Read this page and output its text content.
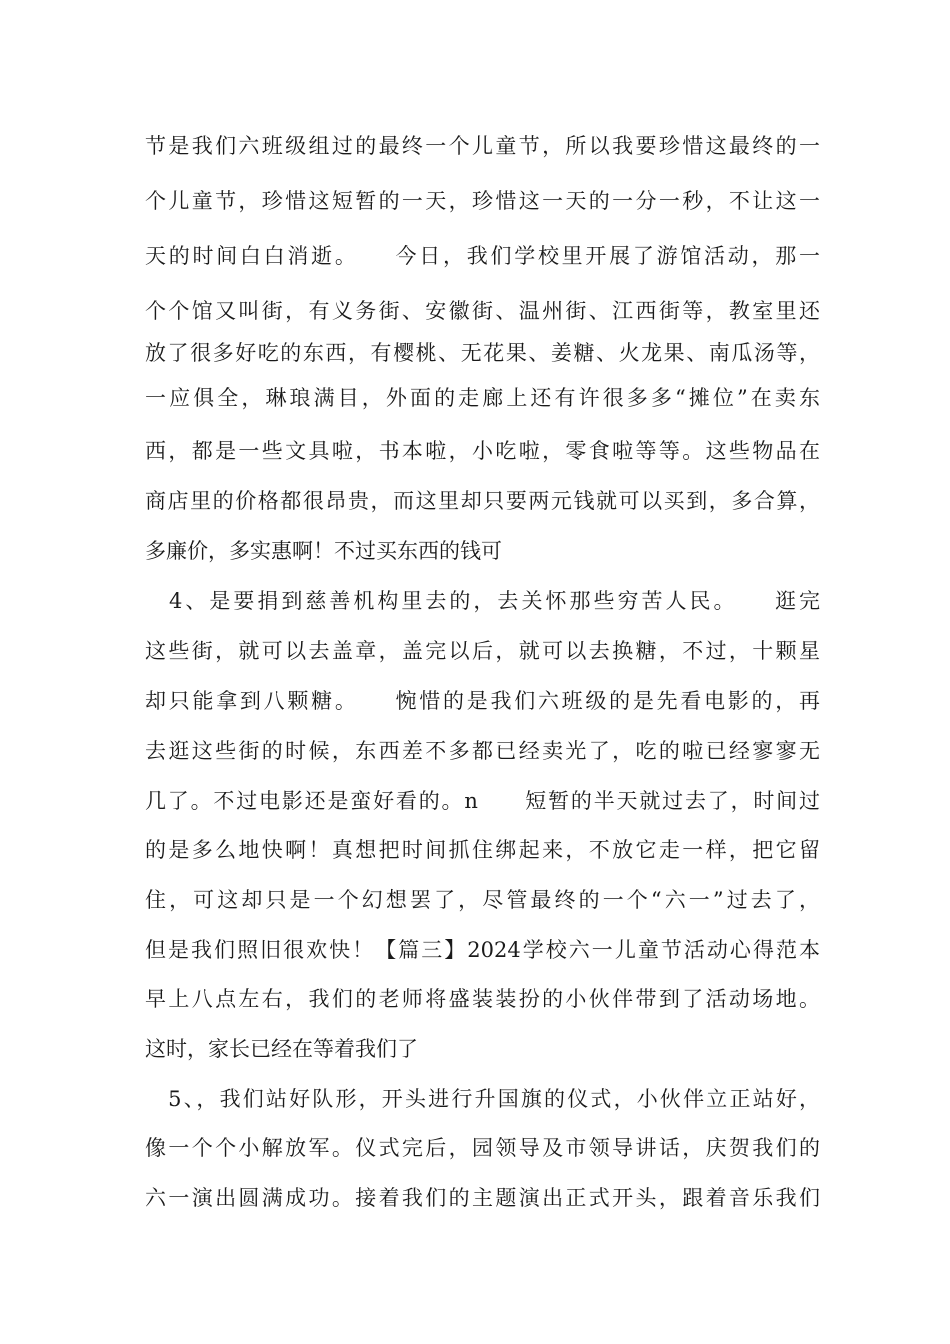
节是我们六班级组过的最终一个儿童节，所以我要珍惜这最终的一
个儿童节，珍惜这短暂的一天，珍惜这一天的一分一秒，不让这一
天的时间白白消逝。　　今日，我们学校里开展了游馆活动，那一
个个馆又叫街，有义务街、安徽街、温州街、江西街等，教室里还
放了很多好吃的东西，有樱桃、无花果、姜糖、火龙果、南瓜汤等，
一应俱全，琳琅满目，外面的走廊上还有许很多多“摊位”在卖东
西，都是一些文具啦，书本啦，小吃啦，零食啦等等。这些物品在
商店里的价格都很昂贵，而这里却只要两元钱就可以买到，多合算，
多廉价，多实惠啊！不过买东西的钱可
　4、是要捐到慈善机构里去的，去关怀那些穷苦人民。　　逛完
这些街，就可以去盖章，盖完以后，就可以去换糖，不过，十颗星
却只能拿到八颗糖。　　惋惜的是我们六班级的是先看电影的，再
去逛这些街的时候，东西差不多都已经卖光了，吃的啦已经寥寥无
几了。不过电影还是蛮好看的。n　　短暂的半天就过去了，时间过
的是多么地快啊！真想把时间抓住绑起来，不放它走一样，把它留
住，可这却只是一个幻想罢了，尽管最终的一个“六一”过去了，
但是我们照旧很欢快！【篇三】2024学校六一儿童节活动心得范本
早上八点左右，我们的老师将盛装装扮的小伙伴带到了活动场地。
这时，家长已经在等着我们了
　5、，我们站好队形，开头进行升国旗的仪式，小伙伴立正站好，
像一个个小解放军。仪式完后，园领导及市领导讲话，庆贺我们的
六一演出圆满成功。接着我们的主题演出正式开头，跟着音乐我们
